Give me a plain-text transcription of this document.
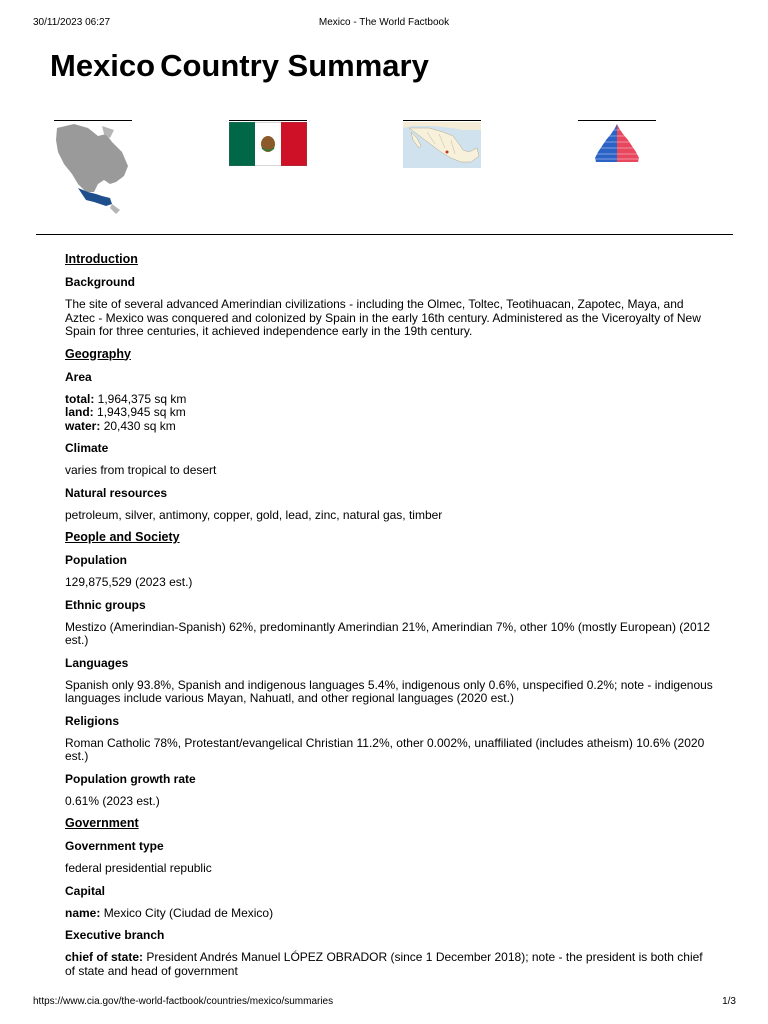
30/11/2023 06:27	Mexico - The World Factbook
Mexico Country Summary
Introduction
Background
The site of several advanced Amerindian civilizations - including the Olmec, Toltec, Teotihuacan, Zapotec, Maya, and Aztec - Mexico was conquered and colonized by Spain in the early 16th century. Administered as the Viceroyalty of New Spain for three centuries, it achieved independence early in the 19th century.
Geography
Area
total: 1,964,375 sq km
land: 1,943,945 sq km
water: 20,430 sq km
Climate
varies from tropical to desert
Natural resources
petroleum, silver, antimony, copper, gold, lead, zinc, natural gas, timber
People and Society
Population
129,875,529 (2023 est.)
Ethnic groups
Mestizo (Amerindian-Spanish) 62%, predominantly Amerindian 21%, Amerindian 7%, other 10% (mostly European) (2012 est.)
Languages
Spanish only 93.8%, Spanish and indigenous languages 5.4%, indigenous only 0.6%, unspecified 0.2%; note - indigenous languages include various Mayan, Nahuatl, and other regional languages (2020 est.)
Religions
Roman Catholic 78%, Protestant/evangelical Christian 11.2%, other 0.002%, unaffiliated (includes atheism) 10.6% (2020 est.)
Population growth rate
0.61% (2023 est.)
Government
Government type
federal presidential republic
Capital
name: Mexico City (Ciudad de Mexico)
Executive branch
chief of state: President Andrés Manuel LÓPEZ OBRADOR (since 1 December 2018); note - the president is both chief of state and head of government
https://www.cia.gov/the-world-factbook/countries/mexico/summaries	1/3
